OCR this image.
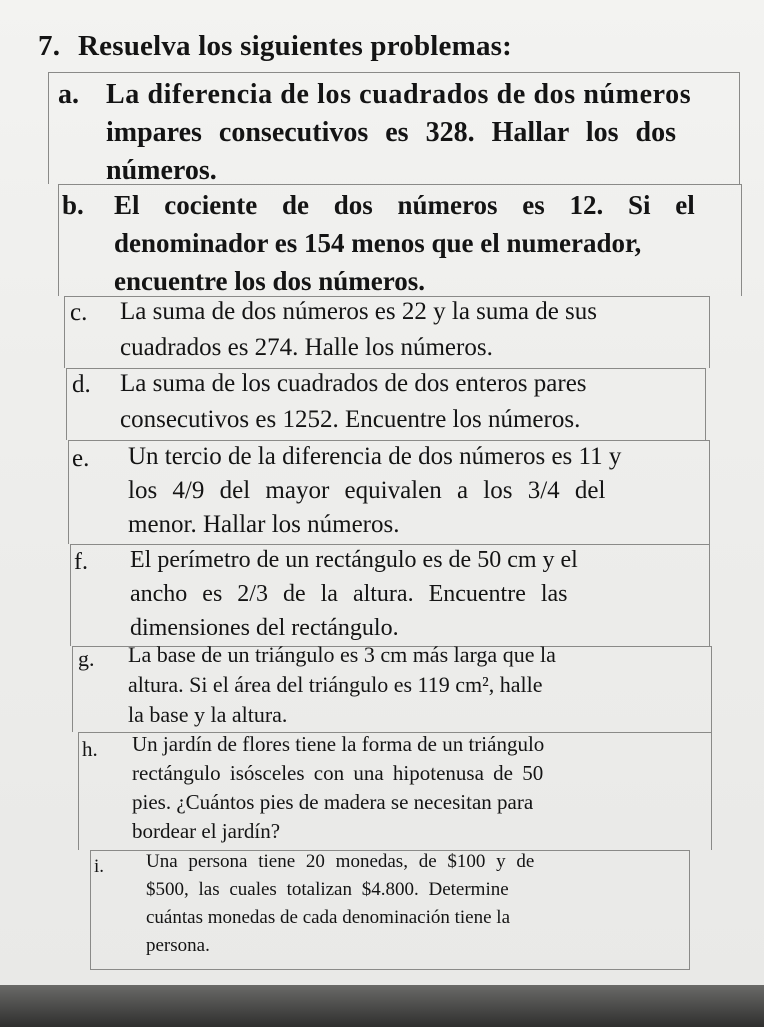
7. Resuelva los siguientes problemas:
a. La diferencia de los cuadrados de dos números
impares consecutivos es 328. Hallar los dos
números.
b. El cociente de dos números es 12. Si el
denominador es 154 menos que el numerador,
encuentre los dos números.
c. La suma de dos números es 22 y la suma de sus
cuadrados es 274. Halle los números.
d. La suma de los cuadrados de dos enteros pares
consecutivos es 1252. Encuentre los números.
e. Un tercio de la diferencia de dos números es 11 y
los 4/9 del mayor equivalen a los 3/4 del
menor. Hallar los números.
f. El perímetro de un rectángulo es de 50 cm y el
ancho es 2/3 de la altura. Encuentre las
dimensiones del rectángulo.
g. La base de un triángulo es 3 cm más larga que la
altura. Si el área del triángulo es 119 cm², halle
la base y la altura.
h. Un jardín de flores tiene la forma de un triángulo
rectángulo isósceles con una hipotenusa de 50
pies. ¿Cuántos pies de madera se necesitan para
bordear el jardín?
i. Una persona tiene 20 monedas, de $100 y de
$500, las cuales totalizan $4.800. Determine
cuántas monedas de cada denominación tiene la
persona.
